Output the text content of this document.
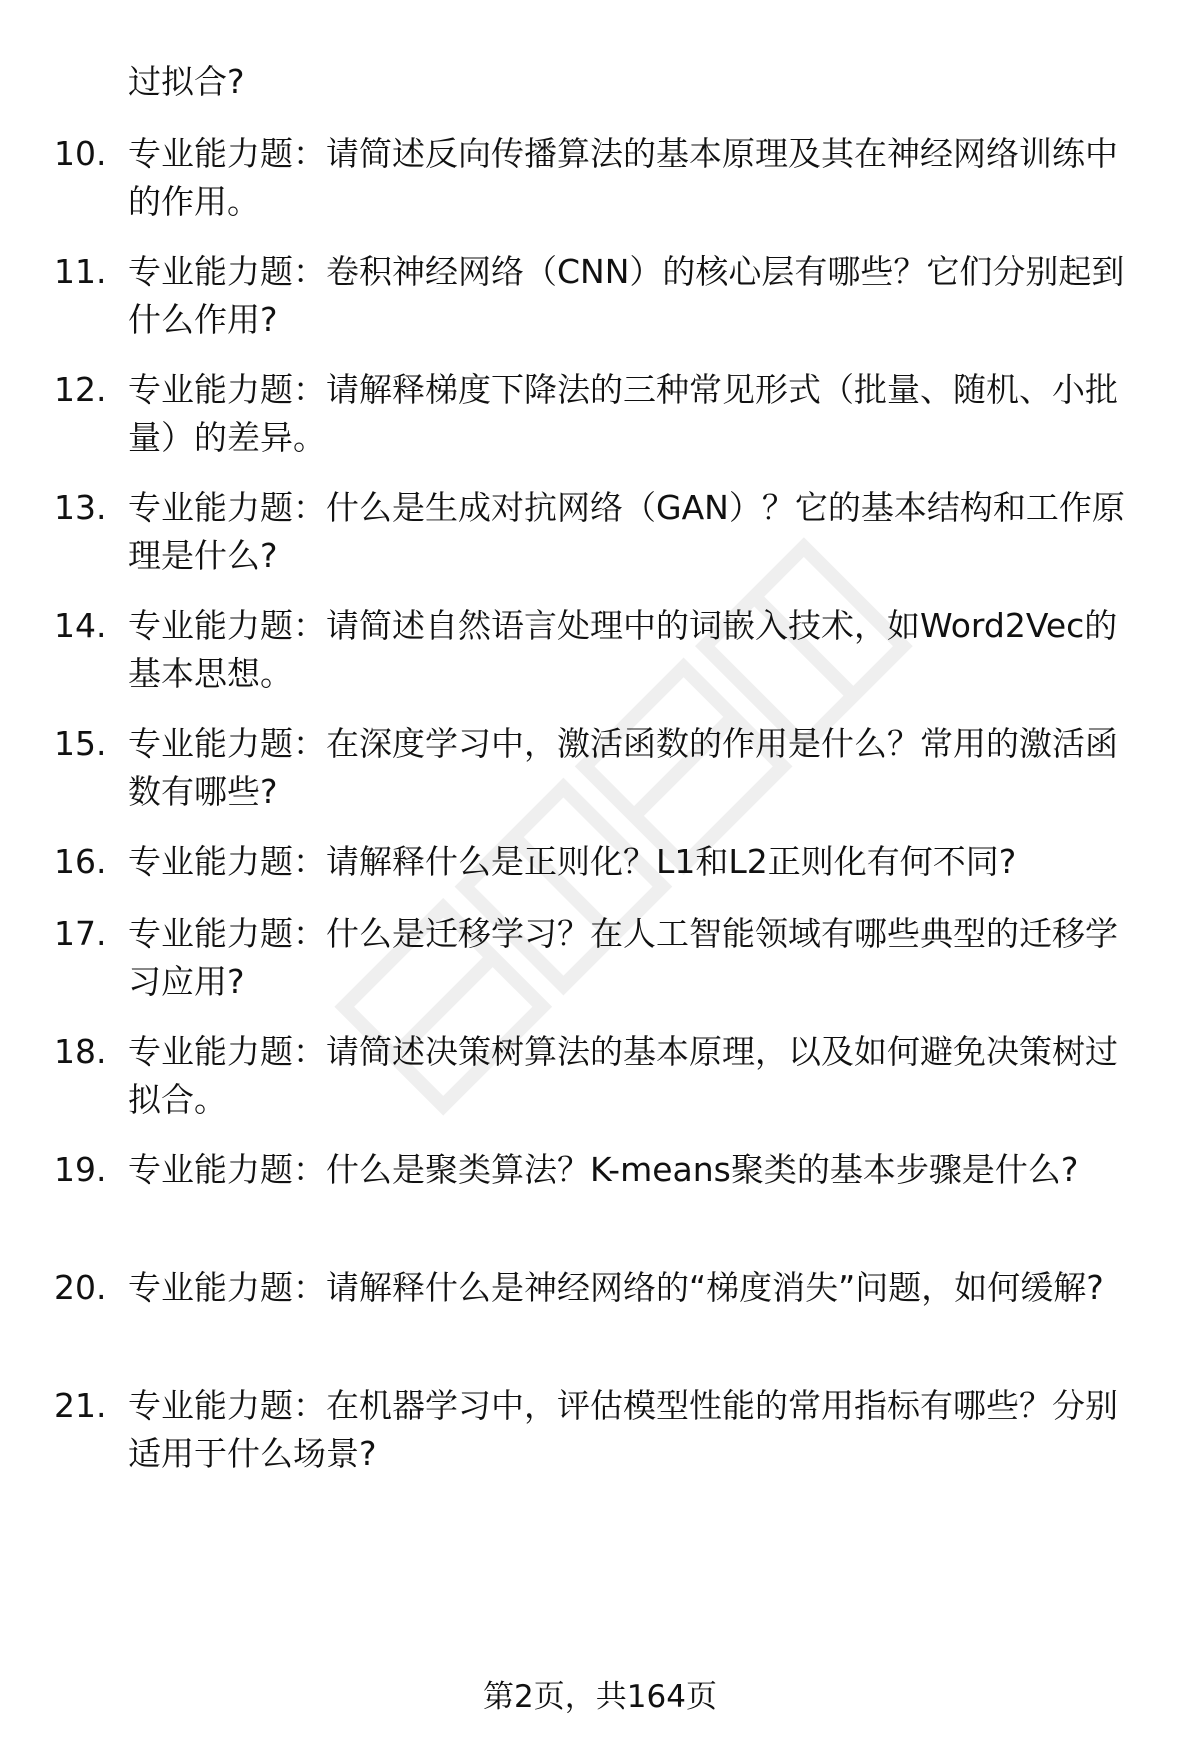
过拟合?
10. 专业能力题：请简述反向传播算法的基本原理及其在神经网络训练中的作用。
11. 专业能力题：卷积神经网络（CNN）的核心层有哪些？它们分别起到什么作用?
12. 专业能力题：请解释梯度下降法的三种常见形式（批量、随机、小批量）的差异。
13. 专业能力题：什么是生成对抗网络（GAN）？它的基本结构和工作原理是什么?
14. 专业能力题：请简述自然语言处理中的词嵌入技术，如Word2Vec的基本思想。
15. 专业能力题：在深度学习中，激活函数的作用是什么？常用的激活函数有哪些?
16. 专业能力题：请解释什么是正则化？L1和L2正则化有何不同?
17. 专业能力题：什么是迁移学习？在人工智能领域有哪些典型的迁移学习应用?
18. 专业能力题：请简述决策树算法的基本原理，以及如何避免决策树过拟合。
19. 专业能力题：什么是聚类算法？K-means聚类的基本步骤是什么?
20. 专业能力题：请解释什么是神经网络的“梯度消失”问题，如何缓解?
21. 专业能力题：在机器学习中，评估模型性能的常用指标有哪些？分别适用于什么场景?
第2页，共164页
